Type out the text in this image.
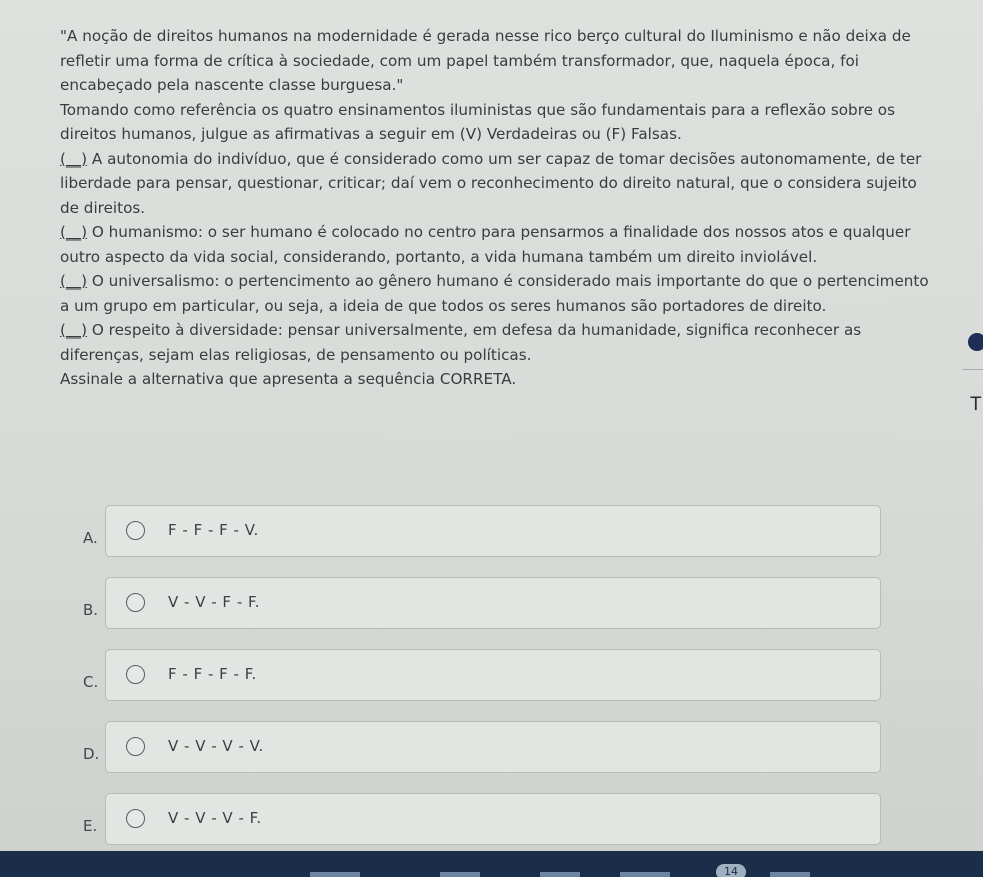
"A noção de direitos humanos na modernidade é gerada nesse rico berço cultural do Iluminismo e não deixa de refletir uma forma de crítica à sociedade, com um papel também transformador, que, naquela época, foi encabeçado pela nascente classe burguesa."

Tomando como referência os quatro ensinamentos iluministas que são fundamentais para a reflexão sobre os direitos humanos, julgue as afirmativas a seguir em (V) Verdadeiras ou (F) Falsas.

(__) A autonomia do indivíduo, que é considerado como um ser capaz de tomar decisões autonomamente, de ter liberdade para pensar, questionar, criticar; daí vem o reconhecimento do direito natural, que o considera sujeito de direitos.

(__) O humanismo: o ser humano é colocado no centro para pensarmos a finalidade dos nossos atos e qualquer outro aspecto da vida social, considerando, portanto, a vida humana também um direito inviolável.

(__) O universalismo: o pertencimento ao gênero humano é considerado mais importante do que o pertencimento a um grupo em particular, ou seja, a ideia de que todos os seres humanos são portadores de direito.

(__) O respeito à diversidade: pensar universalmente, em defesa da humanidade, significa reconhecer as diferenças, sejam elas religiosas, de pensamento ou políticas.

Assinale a alternativa que apresenta a sequência CORRETA.

A.	F - F - F - V.
B.	V - V - F - F.
C.	F - F - F - F.
D.	V - V - V - V.
E.	V - V - V - F.
T
14
